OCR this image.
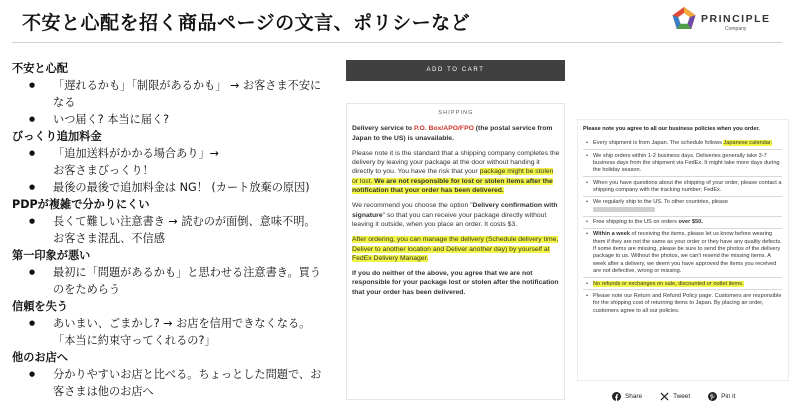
不安と心配を招く商品ページの文言、ポリシーなど	PRINCIPLE
Company
不安と心配
● 「遅れるかも」「制限があるかも」 → お客さま不安に
なる
● いつ届く? 本当に届く?
びっくり追加料金
● 「追加送料がかかる場合あり」→
お客さまびっくり！
● 最後の最後で追加料金は NG！ (カート放棄の原因)
PDPが複雑で分かりにくい
● 長くて難しい注意書き → 読むのが面倒、意味不明。
お客さま混乱、不信感
第一印象が悪い
● 最初に「問題があるかも」と思わせる注意書き。買う
のをためらう
信頼を失う
● あいまい、ごまかし? → お店を信用できなくなる。
「本当に約束守ってくれるの?」
他のお店へ
● 分かりやすいお店と比べる。ちょっとした問題で、お
客さまは他のお店へ
ADD TO CART
SHIPPING

Delivery service to P.O. Box/APO/FPO (the postal service from Japan to the US) is unavailable.

Please note it is the standard that a shipping company completes the delivery by leaving your package at the door without handing it directly to you. You have the risk that your package might be stolen or lost. We are not responsible for lost or stolen items after the notification that your order has been delivered.

We recommend you choose the option "Delivery confirmation with signature" so that you can receive your package directly without leaving it outside, when you place an order. It costs $3.

After ordering, you can manage the delivery (Schedule delivery time, Deliver to another location and Deliver another day) by yourself at FedEx Delivery Manager.

If you do neither of the above, you agree that we are not responsible for your package lost or stolen after the notification that your order has been delivered.

Please note you agree to all our business policies when you order.
• Every shipment is from Japan. The schedule follows Japanese calendar.
• We ship orders within 1-2 business days. Deliveries generally take 3-7 business days from the shipment via FedEx. It might take more days during the holiday season.
• When you have questions about the shipping of your order, please contact a shipping company with the tracking number; FedEx.
• We regularly ship to the US. To other countries, please
• Free shipping to the US on orders over $50.
• Within a week of receiving the items, please let us know before wearing them if they are not the same as your order or they have any quality defects. If some items are missing, please be sure to send the photos of the delivery package to us. Without the photos, we can't resend the missing items. A week after a delivery, we deem you have approved the items you received are not defective, wrong or missing.
• No refunds or exchanges on sale, discounted or outlet items.
• Please note our Return and Refund Policy page. Customers are responsible for the shipping cost of returning items to Japan. By placing an order, customers agree to all our policies.
Share	Tweet	Pin it
